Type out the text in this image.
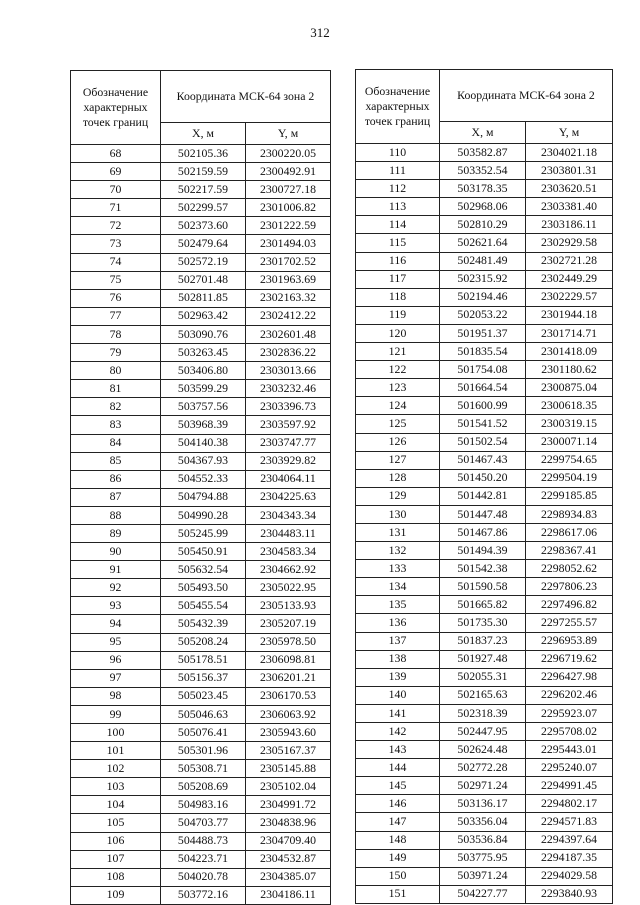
312
Обозначение характерных точек границ	Координата МСК-64 зона 2	
	X, м	Y, м
68	502105.36	2300220.05
69	502159.59	2300492.91
70	502217.59	2300727.18
71	502299.57	2301006.82
72	502373.60	2301222.59
73	502479.64	2301494.03
74	502572.19	2301702.52
75	502701.48	2301963.69
76	502811.85	2302163.32
77	502963.42	2302412.22
78	503090.76	2302601.48
79	503263.45	2302836.22
80	503406.80	2303013.66
81	503599.29	2303232.46
82	503757.56	2303396.73
83	503968.39	2303597.92
84	504140.38	2303747.77
85	504367.93	2303929.82
86	504552.33	2304064.11
87	504794.88	2304225.63
88	504990.28	2304343.34
89	505245.99	2304483.11
90	505450.91	2304583.34
91	505632.54	2304662.92
92	505493.50	2305022.95
93	505455.54	2305133.93
94	505432.39	2305207.19
95	505208.24	2305978.50
96	505178.51	2306098.81
97	505156.37	2306201.21
98	505023.45	2306170.53
99	505046.63	2306063.92
100	505076.41	2305943.60
101	505301.96	2305167.37
102	505308.71	2305145.88
103	505208.69	2305102.04
104	504983.16	2304991.72
105	504703.77	2304838.96
106	504488.73	2304709.40
107	504223.71	2304532.87
108	504020.78	2304385.07
109	503772.16	2304186.11
Обозначение характерных точек границ	Координата МСК-64 зона 2	
	X, м	Y, м
110	503582.87	2304021.18
111	503352.54	2303801.31
112	503178.35	2303620.51
113	502968.06	2303381.40
114	502810.29	2303186.11
115	502621.64	2302929.58
116	502481.49	2302721.28
117	502315.92	2302449.29
118	502194.46	2302229.57
119	502053.22	2301944.18
120	501951.37	2301714.71
121	501835.54	2301418.09
122	501754.08	2301180.62
123	501664.54	2300875.04
124	501600.99	2300618.35
125	501541.52	2300319.15
126	501502.54	2300071.14
127	501467.43	2299754.65
128	501450.20	2299504.19
129	501442.81	2299185.85
130	501447.48	2298934.83
131	501467.86	2298617.06
132	501494.39	2298367.41
133	501542.38	2298052.62
134	501590.58	2297806.23
135	501665.82	2297496.82
136	501735.30	2297255.57
137	501837.23	2296953.89
138	501927.48	2296719.62
139	502055.31	2296427.98
140	502165.63	2296202.46
141	502318.39	2295923.07
142	502447.95	2295708.02
143	502624.48	2295443.01
144	502772.28	2295240.07
145	502971.24	2294991.45
146	503136.17	2294802.17
147	503356.04	2294571.83
148	503536.84	2294397.64
149	503775.95	2294187.35
150	503971.24	2294029.58
151	504227.77	2293840.93
